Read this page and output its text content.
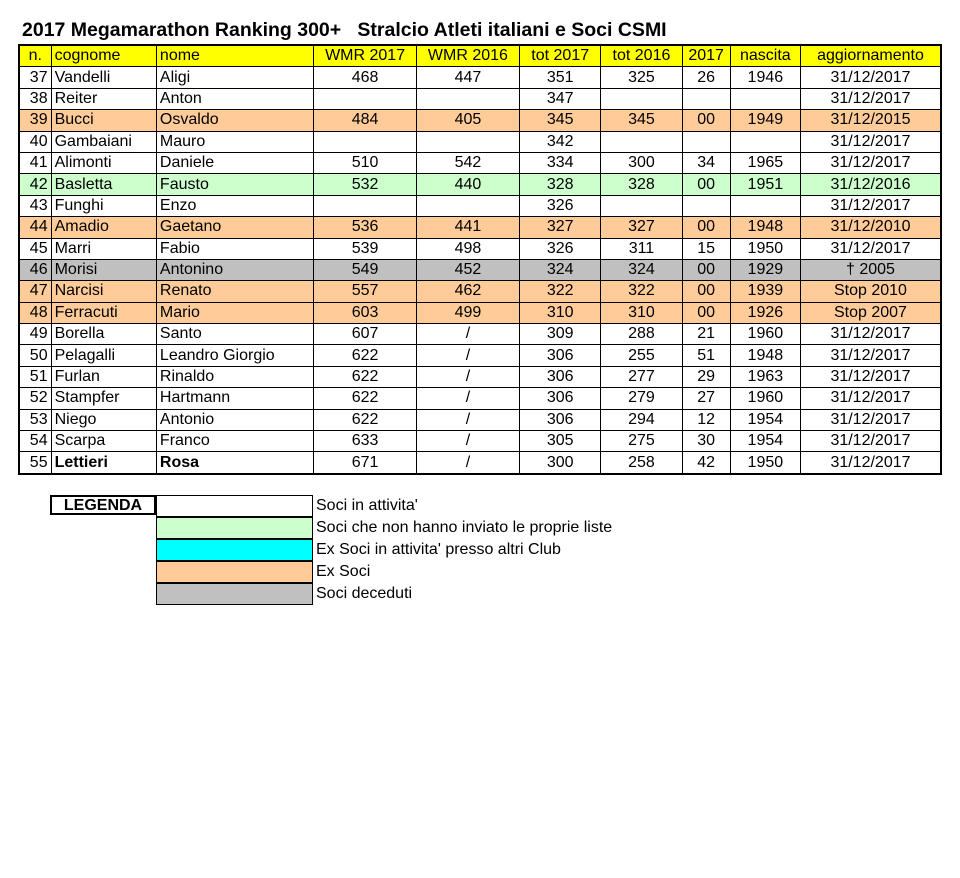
2017 Megamarathon Ranking 300+   Stralcio Atleti italiani e Soci CSMI
n.	cognome	nome	WMR 2017	WMR 2016	tot 2017	tot 2016	2017	nascita	aggiornamento
37	Vandelli	Aligi	468	447	351	325	26	1946	31/12/2017
38	Reiter	Anton			347				31/12/2017
39	Bucci	Osvaldo	484	405	345	345	00	1949	31/12/2015
40	Gambaiani	Mauro			342				31/12/2017
41	Alimonti	Daniele	510	542	334	300	34	1965	31/12/2017
42	Basletta	Fausto	532	440	328	328	00	1951	31/12/2016
43	Funghi	Enzo			326				31/12/2017
44	Amadio	Gaetano	536	441	327	327	00	1948	31/12/2010
45	Marri	Fabio	539	498	326	311	15	1950	31/12/2017
46	Morisi	Antonino	549	452	324	324	00	1929	† 2005
47	Narcisi	Renato	557	462	322	322	00	1939	Stop 2010
48	Ferracuti	Mario	603	499	310	310	00	1926	Stop 2007
49	Borella	Santo	607	/	309	288	21	1960	31/12/2017
50	Pelagalli	Leandro Giorgio	622	/	306	255	51	1948	31/12/2017
51	Furlan	Rinaldo	622	/	306	277	29	1963	31/12/2017
52	Stampfer	Hartmann	622	/	306	279	27	1960	31/12/2017
53	Niego	Antonio	622	/	306	294	12	1954	31/12/2017
54	Scarpa	Franco	633	/	305	275	30	1954	31/12/2017
55	Lettieri	Rosa	671	/	300	258	42	1950	31/12/2017
LEGENDA	Soci in attivita'
Soci che non hanno inviato le proprie liste
Ex Soci in attivita' presso altri Club
Ex Soci
Soci deceduti
